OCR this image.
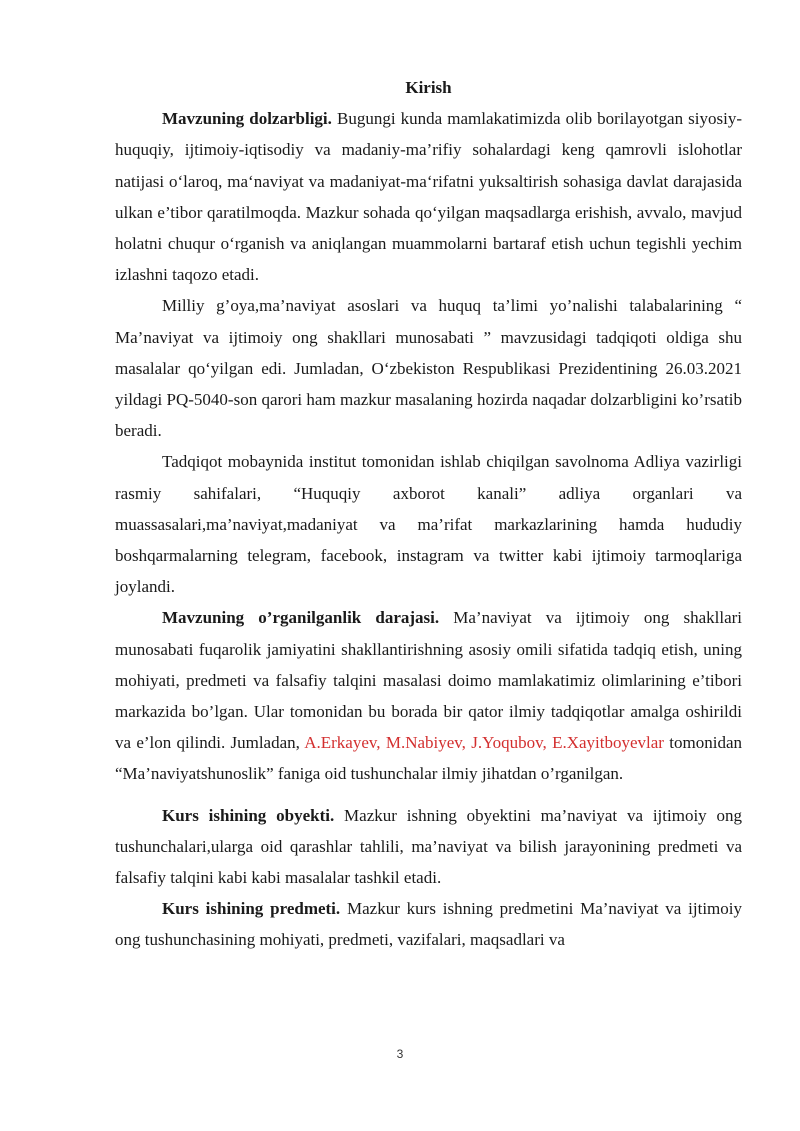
Kirish

Mavzuning dolzarbligi. Bugungi kunda mamlakatimizda olib borilayotgan siyosiy-huquqiy, ijtimoiy-iqtisodiy va madaniy-ma’rifiy sohalardagi keng qamrovli islohotlar natijasi o‘laroq, ma‘naviyat va madaniyat-ma‘rifatni yuksaltirish sohasiga davlat darajasida ulkan e’tibor qaratilmoqda. Mazkur sohada qo‘yilgan maqsadlarga erishish, avvalo, mavjud holatni chuqur o‘rganish va aniqlangan muammolarni bartaraf etish uchun tegishli yechim izlashni taqozo etadi.

Milliy g’oya,ma’naviyat asoslari va huquq ta’limi yo’nalishi talabalarining “ Ma’naviyat va ijtimoiy ong shakllari munosabati ” mavzusidagi tadqiqoti oldiga shu masalalar qo‘yilgan edi. Jumladan, O‘zbekiston Respublikasi Prezidentining 26.03.2021 yildagi PQ-5040-son qarori ham mazkur masalaning hozirda naqadar dolzarbligini ko’rsatib beradi.

Tadqiqot mobaynida institut tomonidan ishlab chiqilgan savolnoma Adliya vazirligi rasmiy sahifalari, “Huquqiy axborot kanali” adliya organlari va muassasalari,ma’naviyat,madaniyat va ma’rifat markazlarining hamda hududiy boshqarmalarning telegram, facebook, instagram va twitter kabi ijtimoiy tarmoqlariga joylandi.

Mavzuning o’rganilganlik darajasi. Ma’naviyat va ijtimoiy ong shakllari munosabati fuqarolik jamiyatini shakllantirishning asosiy omili sifatida tadqiq etish, uning mohiyati, predmeti va falsafiy talqini masalasi doimo mamlakatimiz olimlarining e’tibori markazida bo’lgan. Ular tomonidan bu borada bir qator ilmiy tadqiqotlar amalga oshirildi va e’lon qilindi. Jumladan, A.Erkayev, M.Nabiyev, J.Yoqubov, E.Xayitboyevlar tomonidan “Ma’naviyatshunoslik” faniga oid tushunchalar ilmiy jihatdan o’rganilgan.

Kurs ishining obyekti. Mazkur ishning obyektini ma’naviyat va ijtimoiy ong tushunchalari,ularga oid qarashlar tahlili, ma’naviyat va bilish jarayonining predmeti va falsafiy talqini kabi kabi masalalar tashkil etadi.

Kurs ishining predmeti. Mazkur kurs ishning predmetini Ma’naviyat va ijtimoiy ong tushunchasining mohiyati, predmeti, vazifalari, maqsadlari va

3
